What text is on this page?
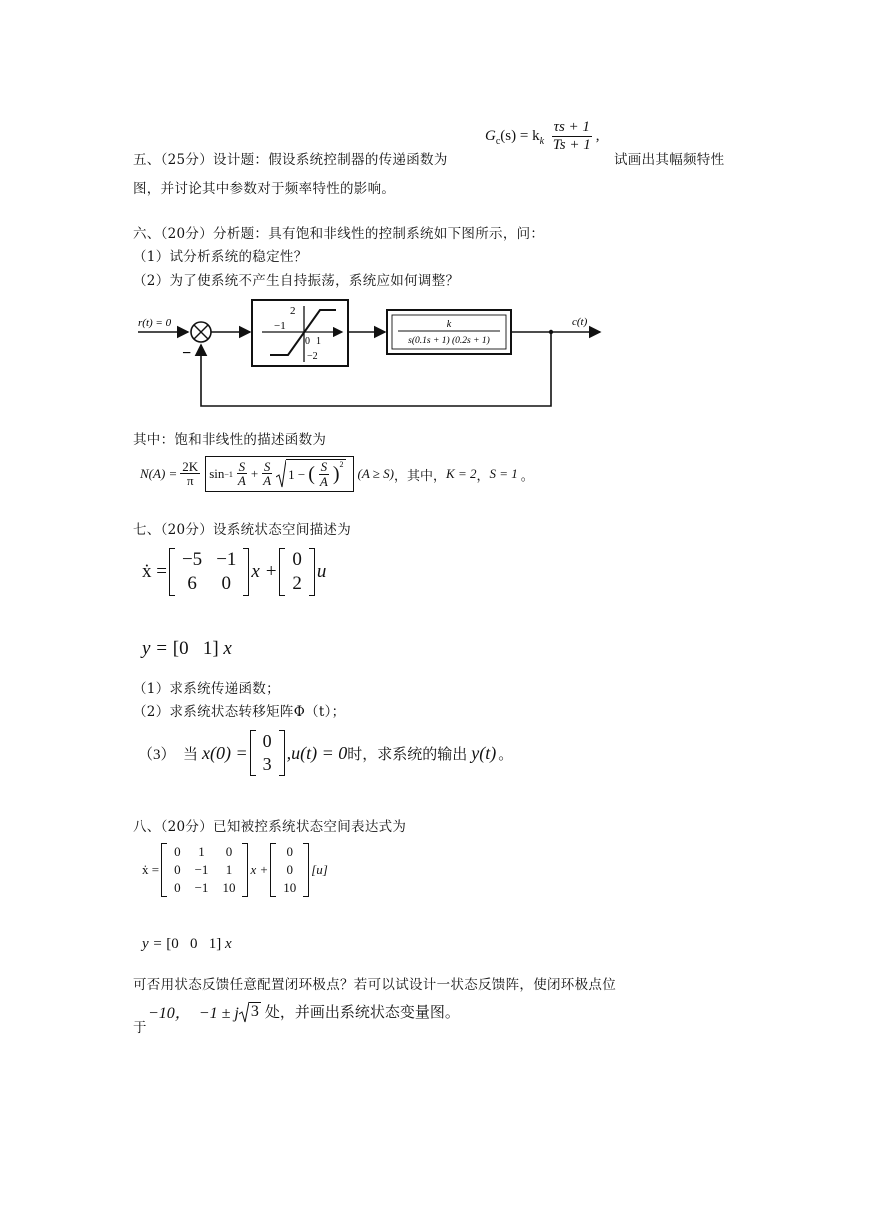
$G_c(s) = k_k \frac{\tau s + 1}{Ts + 1}$ ,
五、（25分）设计题：假设系统控制器的传递函数为	试画出其幅频特性
图，并讨论其中参数对于频率特性的影响。
六、（20分）分析题：具有饱和非线性的控制系统如下图所示，问：
（1）试分析系统的稳定性？
（2）为了使系统不产生自持振荡，系统应如何调整？
r(t) = 0
−
2
−1
0 1
−2
k
s(0.1s + 1) (0.2s + 1)
c(t)
其中：饱和非线性的描述函数为
$N(A) = \frac{2K}{\pi}$ $\sin -1 \frac{S}{A} + \frac{S}{A} 1$ − ( $\frac{S}{A} )^2$
(A ≥ S) ，其中， K = 2 ， S = 1 。
七、（20分）设系统状态空间描述为
ẋ =
−5	−1
6	0
x +
0
2
u
y = [0   1] x
（1）求系统传递函数；
（2）求系统状态转移矩阵Φ（t）；
（3）  当 x(0) =
0
3
,u(t) = 0 时，求系统的输出 y(t) 。
八、（20分）已知被控系统状态空间表达式为
ẋ =
0	1	0
0	−1	1
0	−1	10
x +
0
0
10
[u]
y = [0   0   1] x
可否用状态反馈任意配置闭环极点？若可以试设计一状态反馈阵，使闭环极点位
于
−10，  −1 ± j 3 处，并画出系统状态变量图。
